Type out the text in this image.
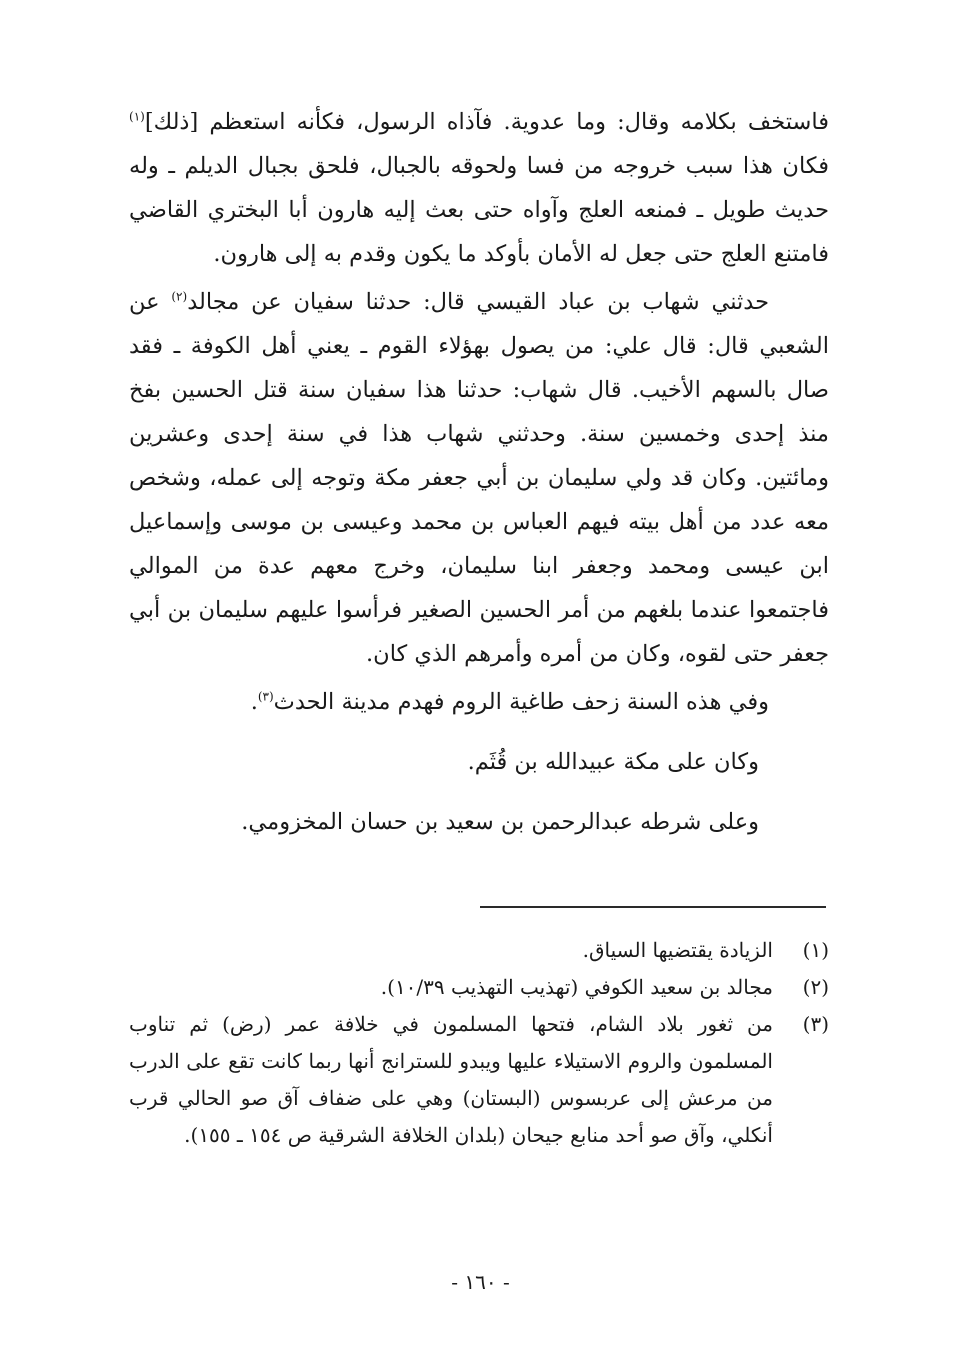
فاستخف بكلامه وقال: وما عدوية. فآذاه الرسول، فكأنه استعظم [ذلك]$^{(١)}$ فكان هذا سبب خروجه من فسا ولحوقه بالجبال، فلحق بجبال الديلم ـ وله حديث طويل ـ فمنعه العلج وآواه حتى بعث إليه هارون أبا البختري القاضي فامتنع العلج حتى جعل له الأمان بأوكد ما يكون وقدم به إلى هارون.

حدثني شهاب بن عباد القيسي قال: حدثنا سفيان عن مجالد$^{(٢)}$ عن الشعبي قال: قال علي: من يصول بهؤلاء القوم ـ يعني أهل الكوفة ـ فقد صال بالسهم الأخيب. قال شهاب: حدثنا هذا سفيان سنة قتل الحسين بفخ منذ إحدى وخمسين سنة. وحدثني شهاب هذا في سنة إحدى وعشرين ومائتين. وكان قد ولي سليمان بن أبي جعفر مكة وتوجه إلى عمله، وشخص معه عدد من أهل بيته فيهم العباس بن محمد وعيسى بن موسى وإسماعيل ابن عيسى ومحمد وجعفر ابنا سليمان، وخرج معهم عدة من الموالي فاجتمعوا عندما بلغهم من أمر الحسين الصغير فرأسوا عليهم سليمان بن أبي جعفر حتى لقوه، وكان من أمره وأمرهم الذي كان.

وفي هذه السنة زحف طاغية الروم فهدم مدينة الحدث$^{(٣)}$.

وكان على مكة عبيدالله بن قُثَم.

وعلى شرطه عبدالرحمن بن سعيد بن حسان المخزومي.

(١)
الزيادة يقتضيها السياق.
(٢)
مجالد بن سعيد الكوفي (تهذيب التهذيب ١٠/٣٩).
(٣)
من ثغور بلاد الشام، فتحها المسلمون في خلافة عمر (رض) ثم تناوب المسلمون والروم الاستيلاء عليها ويبدو للسترانج أنها ربما كانت تقع على الدرب من مرعش إلى عربسوس (البستان) وهي على ضفاف آق صو الحالي قرب أنكلي، وآق صو أحد منابع جيحان (بلدان الخلافة الشرقية ص ١٥٤ ـ ١٥٥).
- ١٦٠ -
